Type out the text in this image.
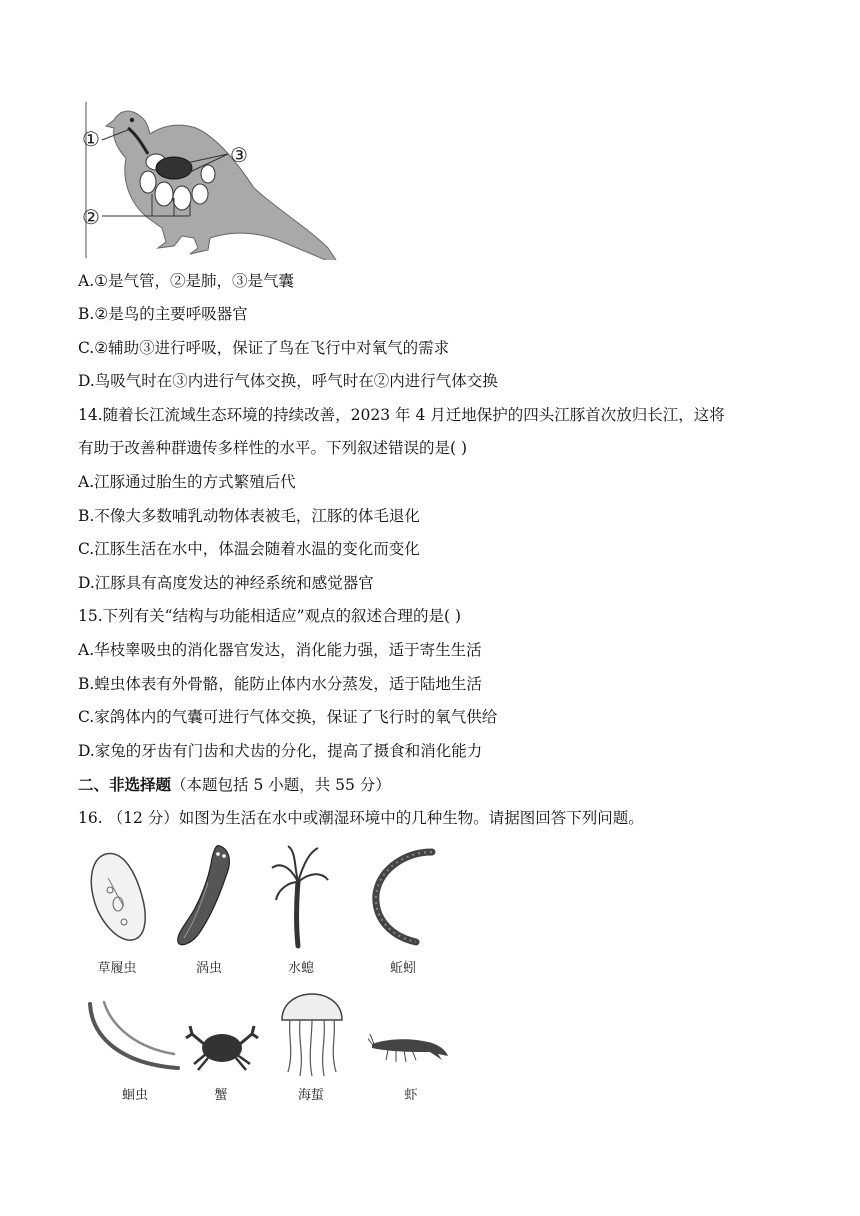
①
②
③
A.①是气管，②是肺，③是气囊
B.②是鸟的主要呼吸器官
C.②辅助③进行呼吸，保证了鸟在飞行中对氧气的需求
D.鸟吸气时在③内进行气体交换，呼气时在②内进行气体交换
14.随着长江流域生态环境的持续改善，2023 年 4 月迁地保护的四头江豚首次放归长江，这将
有助于改善种群遗传多样性的水平。下列叙述错误的是( )
A.江豚通过胎生的方式繁殖后代
B.不像大多数哺乳动物体表被毛，江豚的体毛退化
C.江豚生活在水中，体温会随着水温的变化而变化
D.江豚具有高度发达的神经系统和感觉器官
15.下列有关“结构与功能相适应”观点的叙述合理的是( )
A.华枝睾吸虫的消化器官发达，消化能力强，适于寄生生活
B.蝗虫体表有外骨骼，能防止体内水分蒸发，适于陆地生活
C.家鸽体内的气囊可进行气体交换，保证了飞行时的氧气供给
D.家兔的牙齿有门齿和犬齿的分化，提高了摄食和消化能力
二、非选择题（本题包括 5 小题，共 55 分）
16. （12 分）如图为生活在水中或潮湿环境中的几种生物。请据图回答下列问题。
草履虫	涡虫	水螅	蚯蚓
蛔虫	蟹	海蜇	虾
